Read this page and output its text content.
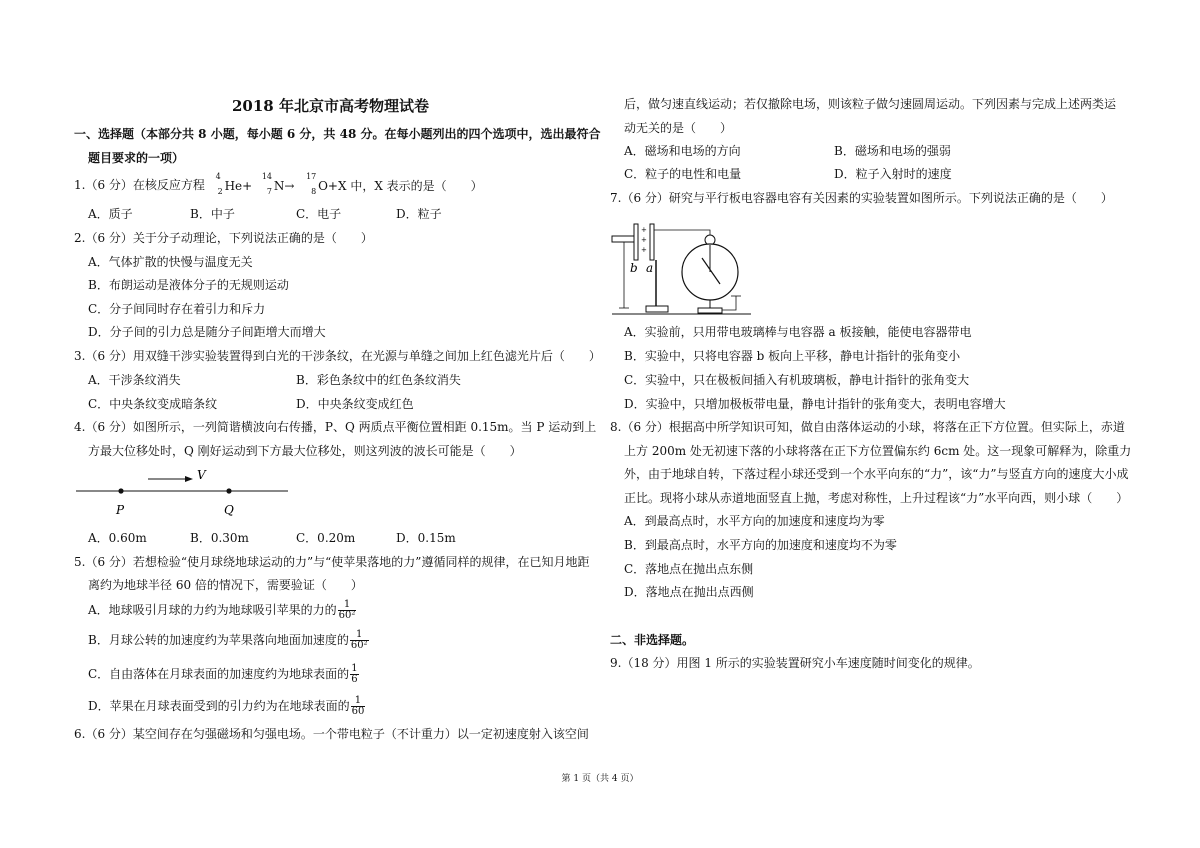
2018 年北京市高考物理试卷
一、选择题（本部分共 8 小题，每小题 6 分，共 48 分。在每小题列出的四个选项中，选出最符合
题目要求的一项）
1.（6 分）在核反应方程
4
2 He+
14
7 N→
17
8 O+X 中，X 表示的是（　　）
A．质子	B．中子	C．电子	D．粒子
2.（6 分）关于分子动理论，下列说法正确的是（　　）
A．气体扩散的快慢与温度无关
B．布朗运动是液体分子的无规则运动
C．分子间同时存在着引力和斥力
D．分子间的引力总是随分子间距增大而增大
3.（6 分）用双缝干涉实验装置得到白光的干涉条纹，在光源与单缝之间加上红色滤光片后（　　）
A．干涉条纹消失	B．彩色条纹中的红色条纹消失
C．中央条纹变成暗条纹	D．中央条纹变成红色
4.（6 分）如图所示，一列简谐横波向右传播，P、Q 两质点平衡位置相距 0.15m。当 P 运动到上
方最大位移处时，Q 刚好运动到下方最大位移处，则这列波的波长可能是（　　）
V
P	Q
A．0.60m	B．0.30m	C．0.20m	D．0.15m
5.（6 分）若想检验“使月球绕地球运动的力”与“使苹果落地的力”遵循同样的规律，在已知月地距
离约为地球半径 60 倍的情况下，需要验证（　　）
A．地球吸引月球的力约为地球吸引苹果的力的 $\frac{1}{\text{60²}}$
B．月球公转的加速度约为苹果落向地面加速度的 $\frac{1}{\text{60²}}$
C．自由落体在月球表面的加速度约为地球表面的 $\frac{1}{6}$
D．苹果在月球表面受到的引力约为在地球表面的 $\frac{1}{60}$
6.（6 分）某空间存在匀强磁场和匀强电场。一个带电粒子（不计重力）以一定初速度射入该空间
后，做匀速直线运动；若仅撤除电场，则该粒子做匀速圆周运动。下列因素与完成上述两类运
动无关的是（　　）
A．磁场和电场的方向	B．磁场和电场的强弱
C．粒子的电性和电量	D．粒子入射时的速度
7.（6 分）研究与平行板电容器电容有关因素的实验装置如图所示。下列说法正确的是（　　）
+
+
+
b a
A．实验前，只用带电玻璃棒与电容器 a 板接触，能使电容器带电
B．实验中，只将电容器 b 板向上平移，静电计指针的张角变小
C．实验中，只在极板间插入有机玻璃板，静电计指针的张角变大
D．实验中，只增加极板带电量，静电计指针的张角变大，表明电容增大
8.（6 分）根据高中所学知识可知，做自由落体运动的小球，将落在正下方位置。但实际上，赤道
上方 200m 处无初速下落的小球将落在正下方位置偏东约 6cm 处。这一现象可解释为，除重力
外，由于地球自转，下落过程小球还受到一个水平向东的“力”，该“力”与竖直方向的速度大小成
正比。现将小球从赤道地面竖直上抛，考虑对称性，上升过程该“力”水平向西，则小球（　　）
A．到最高点时，水平方向的加速度和速度均为零
B．到最高点时，水平方向的加速度和速度均不为零
C．落地点在抛出点东侧
D．落地点在抛出点西侧
二、非选择题。
9.（18 分）用图 1 所示的实验装置研究小车速度随时间变化的规律。
第 1 页（共 4 页）
